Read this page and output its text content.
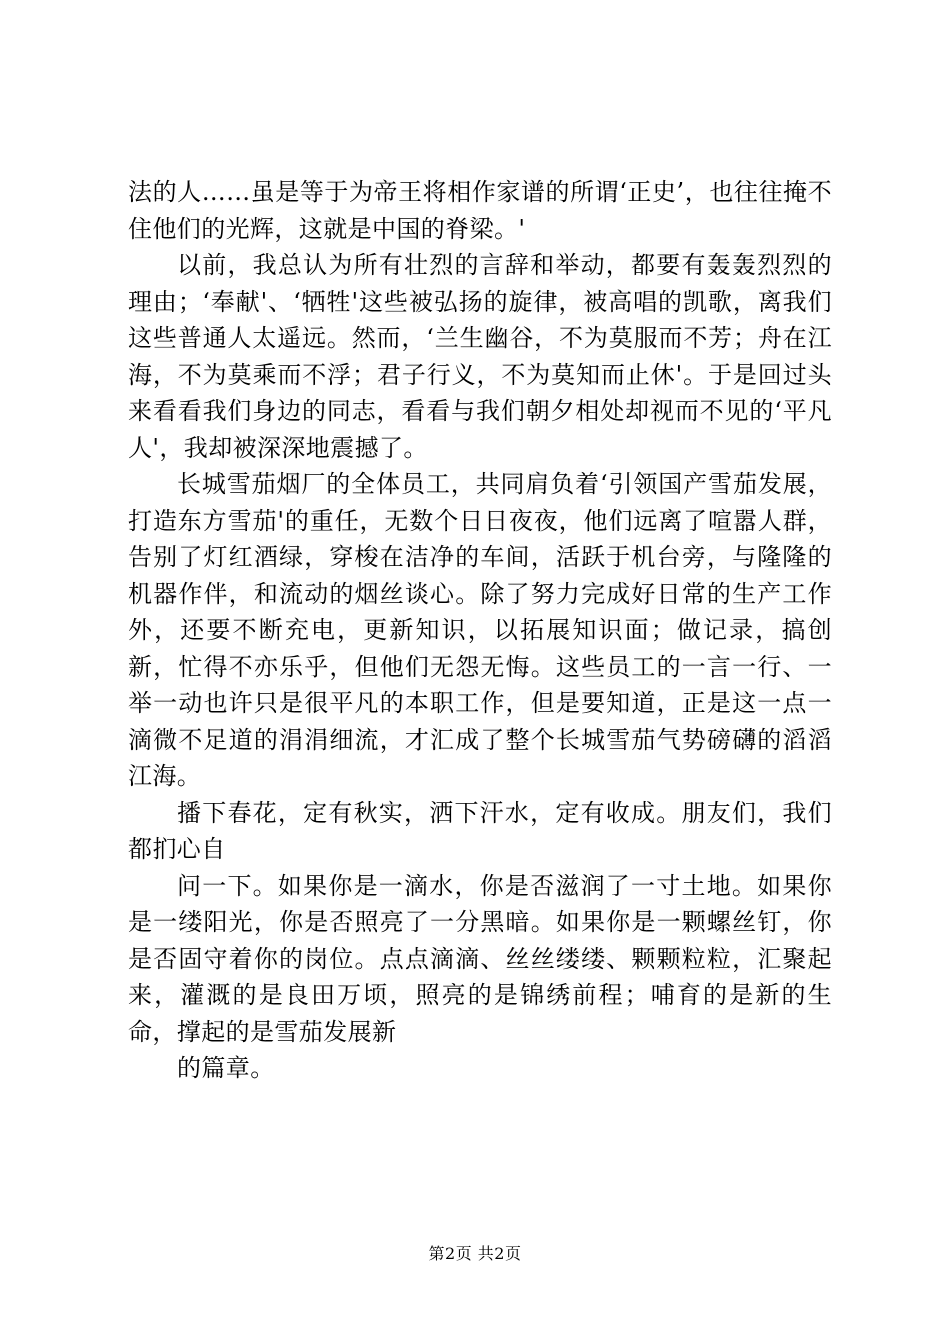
法的人……虽是等于为帝王将相作家谱的所谓‘正史’，也往往掩不住他们的光辉，这就是中国的脊梁。'

以前，我总认为所有壮烈的言辞和举动，都要有轰轰烈烈的理由；‘奉献'、‘牺牲'这些被弘扬的旋律，被高唱的凯歌，离我们这些普通人太遥远。然而，‘兰生幽谷，不为莫服而不芳；舟在江海，不为莫乘而不浮；君子行义，不为莫知而止休'。于是回过头来看看我们身边的同志，看看与我们朝夕相处却视而不见的‘平凡人'，我却被深深地震撼了。

长城雪茄烟厂的全体员工，共同肩负着‘引领国产雪茄发展，打造东方雪茄'的重任，无数个日日夜夜，他们远离了喧嚣人群，告别了灯红酒绿，穿梭在洁净的车间，活跃于机台旁，与隆隆的机器作伴，和流动的烟丝谈心。除了努力完成好日常的生产工作外，还要不断充电，更新知识，以拓展知识面；做记录，搞创新，忙得不亦乐乎，但他们无怨无悔。这些员工的一言一行、一举一动也许只是很平凡的本职工作，但是要知道，正是这一点一滴微不足道的涓涓细流，才汇成了整个长城雪茄气势磅礴的滔滔江海。

播下春花，定有秋实，洒下汗水，定有收成。朋友们，我们都扪心自

问一下。如果你是一滴水，你是否滋润了一寸土地。如果你是一缕阳光，你是否照亮了一分黑暗。如果你是一颗螺丝钉，你是否固守着你的岗位。点点滴滴、丝丝缕缕、颗颗粒粒，汇聚起来，灌溉的是良田万顷，照亮的是锦绣前程；哺育的是新的生命，撑起的是雪茄发展新

的篇章。

第2页 共2页
